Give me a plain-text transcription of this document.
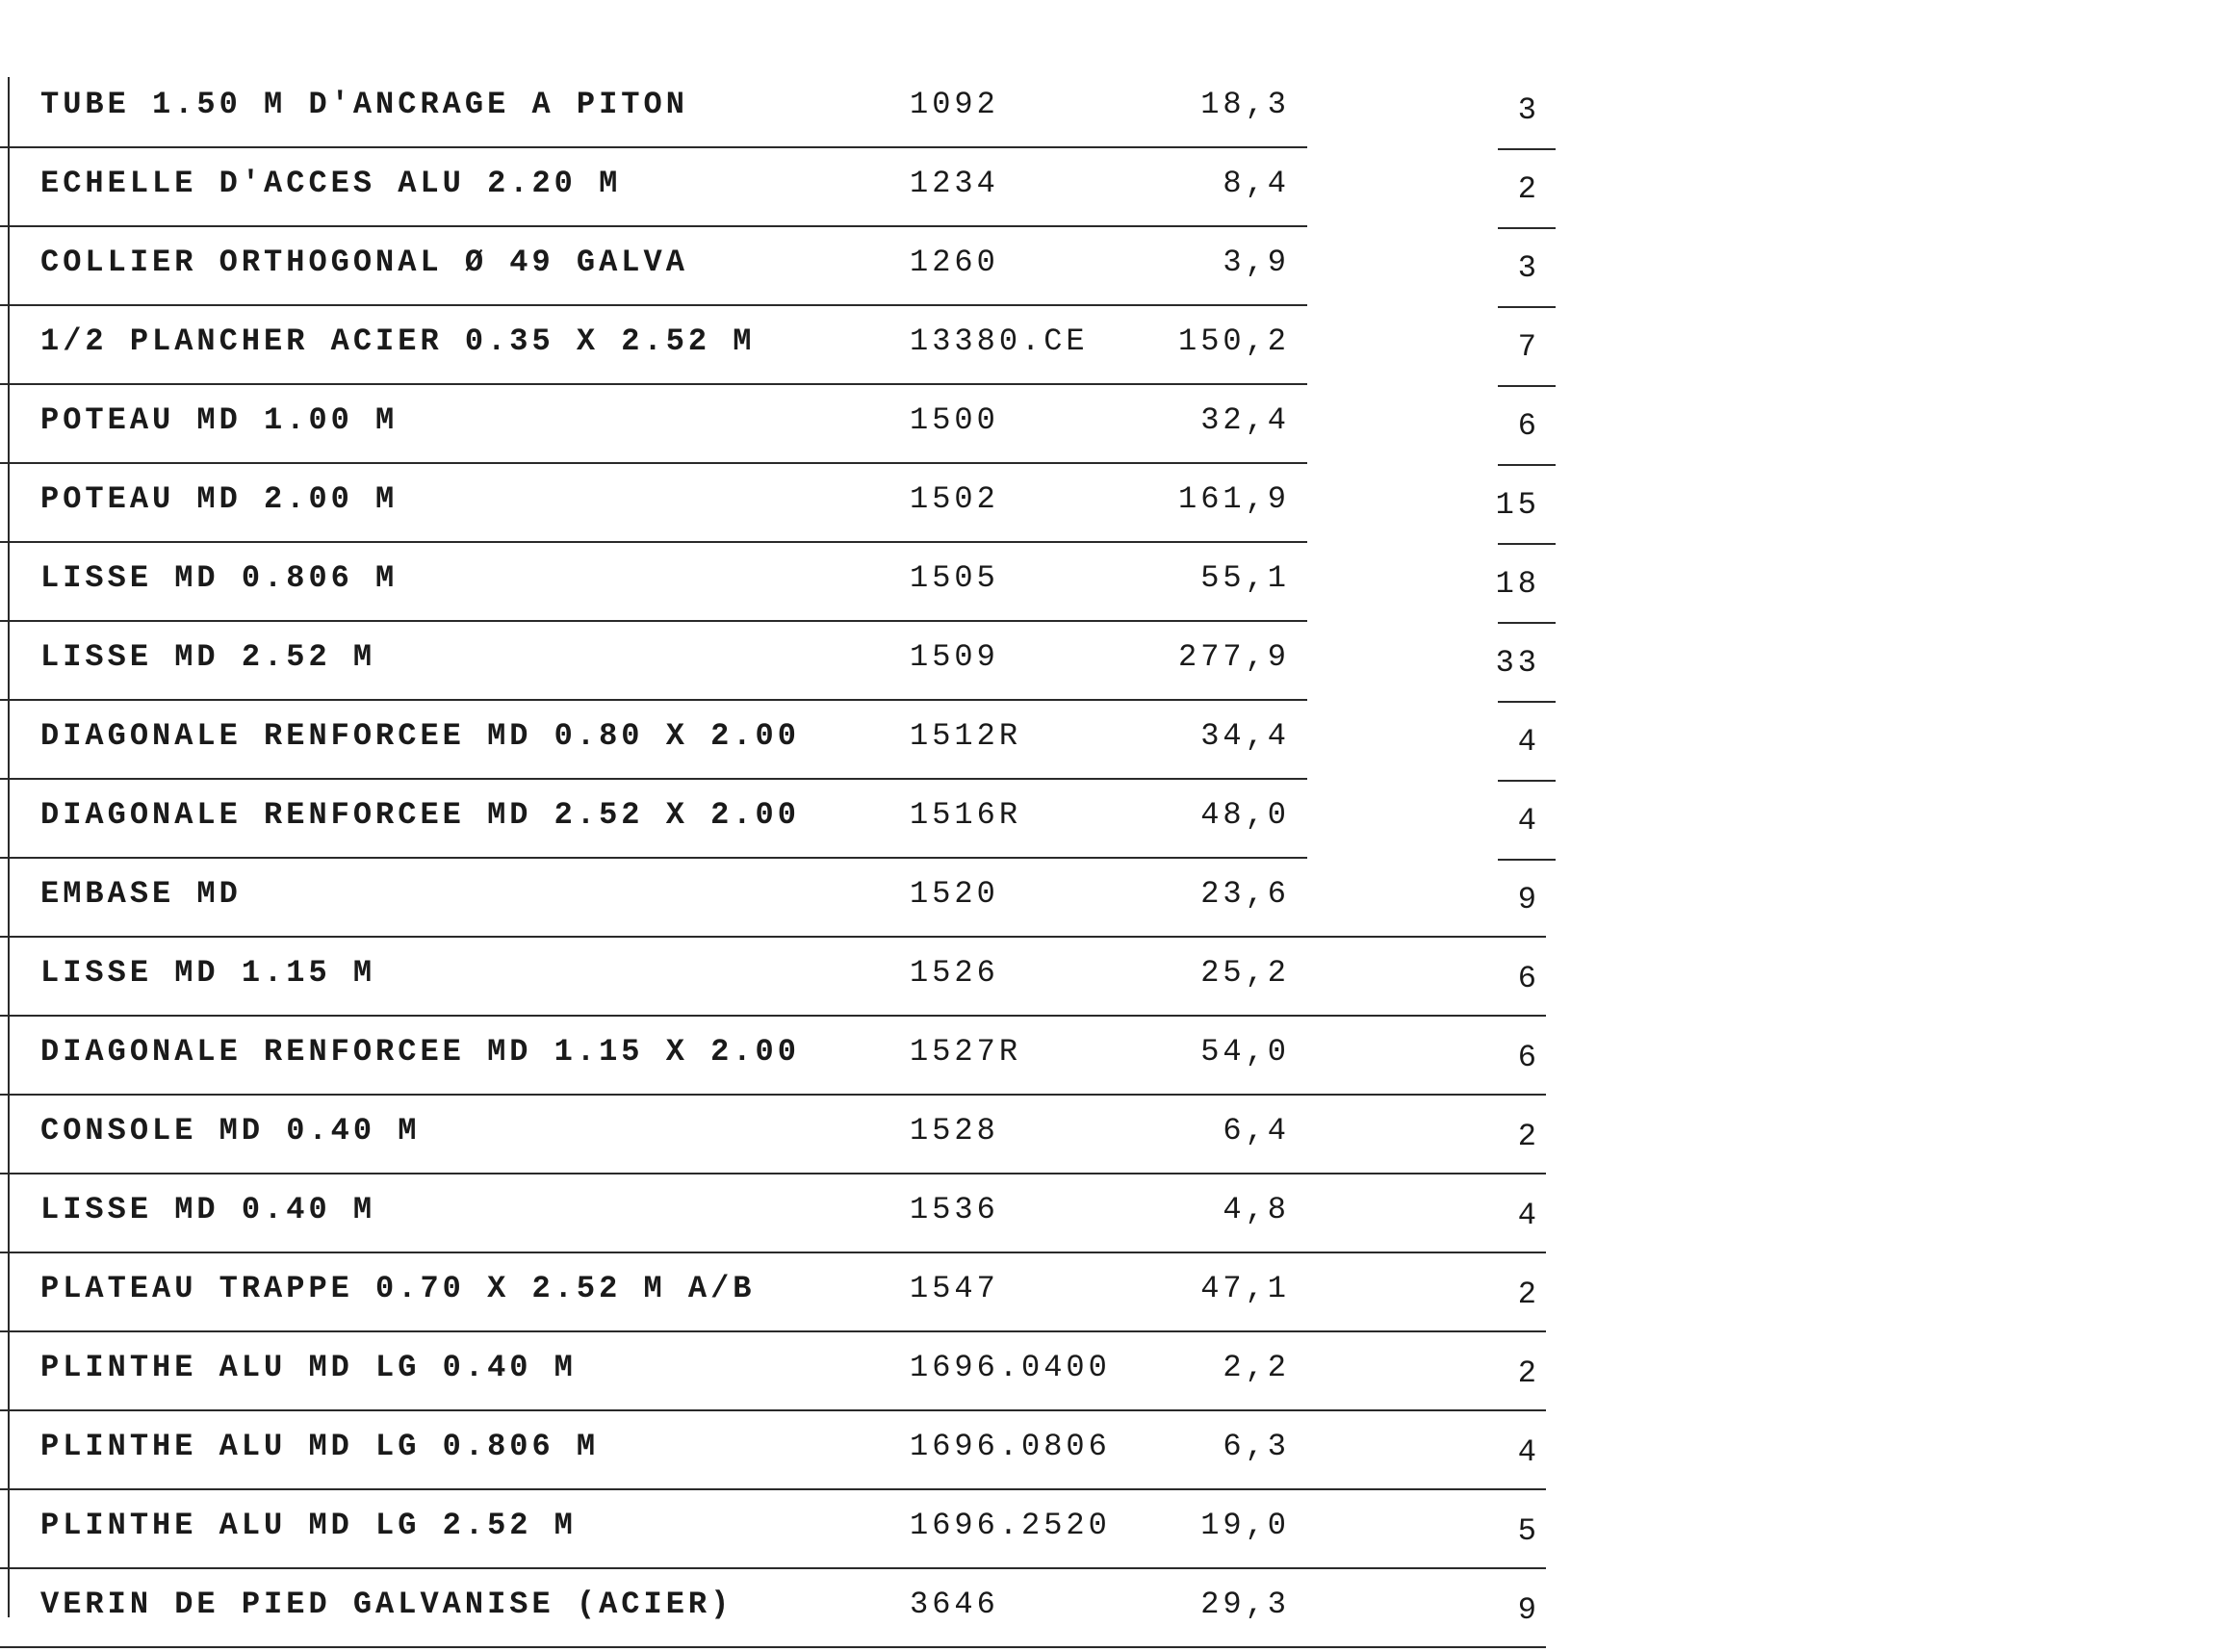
TUBE 1.50 M D'ANCRAGE A PITON	1092	18,3	3
ECHELLE D'ACCES ALU 2.20 M	1234	8,4	2
COLLIER ORTHOGONAL Ø 49 GALVA	1260	3,9	3
1/2 PLANCHER ACIER 0.35 X 2.52 M	13380.CE	150,2	7
POTEAU MD 1.00 M	1500	32,4	6
POTEAU MD 2.00 M	1502	161,9	15
LISSE MD 0.806 M	1505	55,1	18
LISSE MD 2.52 M	1509	277,9	33
DIAGONALE RENFORCEE MD 0.80 X 2.00	1512R	34,4	4
DIAGONALE RENFORCEE MD 2.52 X 2.00	1516R	48,0	4
EMBASE MD	1520	23,6	9
LISSE MD 1.15 M	1526	25,2	6
DIAGONALE RENFORCEE MD 1.15 X 2.00	1527R	54,0	6
CONSOLE MD 0.40 M	1528	6,4	2
LISSE MD 0.40 M	1536	4,8	4
PLATEAU TRAPPE 0.70 X 2.52 M A/B	1547	47,1	2
PLINTHE ALU MD LG 0.40 M	1696.0400	2,2	2
PLINTHE ALU MD LG 0.806 M	1696.0806	6,3	4
PLINTHE ALU MD LG 2.52 M	1696.2520	19,0	5
VERIN DE PIED GALVANISE (ACIER)	3646	29,3	9
